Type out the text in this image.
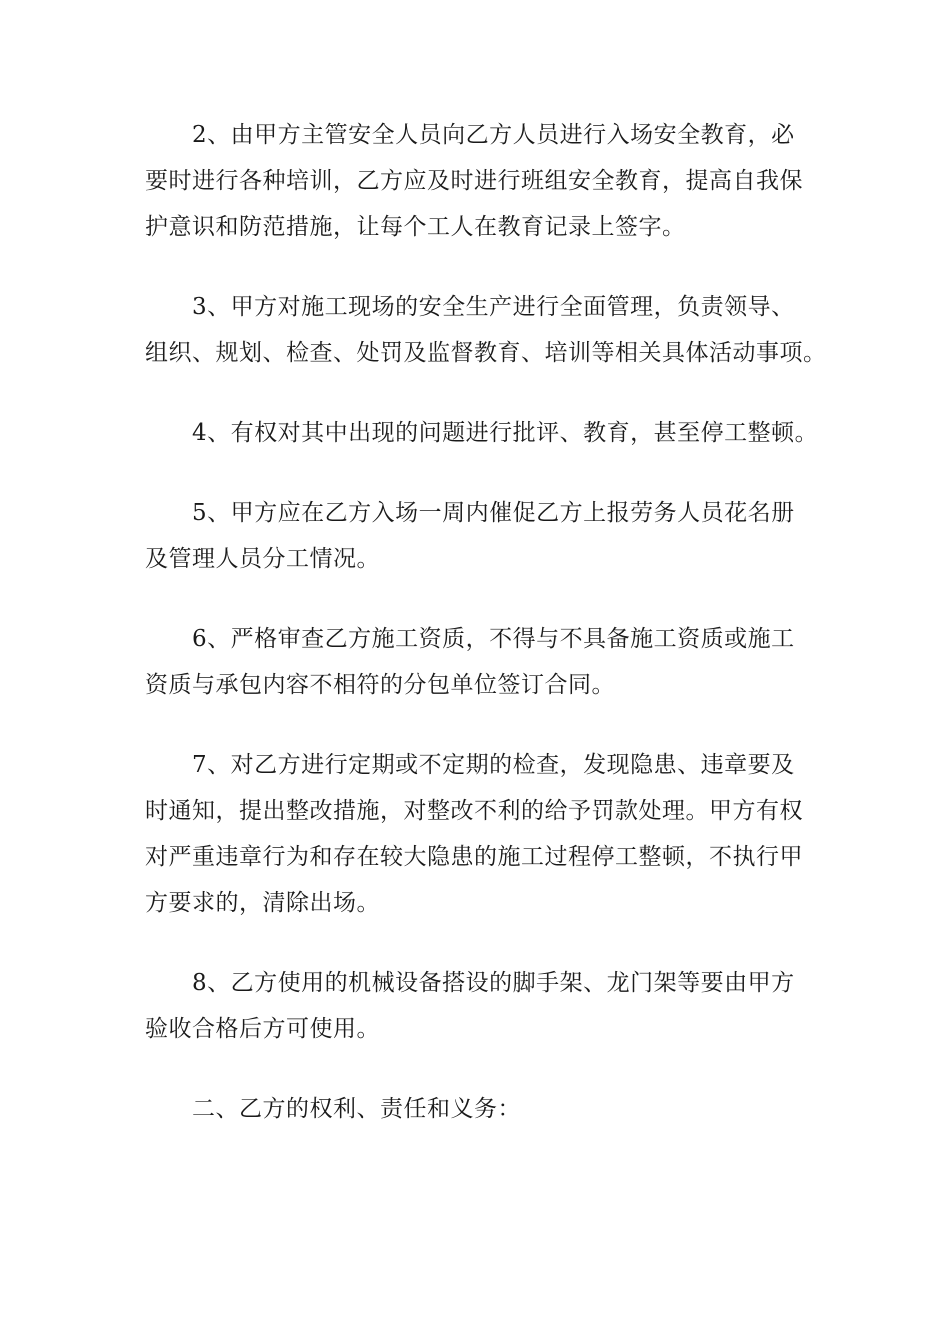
2、由甲方主管安全人员向乙方人员进行入场安全教育，必
要时进行各种培训，乙方应及时进行班组安全教育，提高自我保
护意识和防范措施，让每个工人在教育记录上签字。

3、甲方对施工现场的安全生产进行全面管理，负责领导、
组织、规划、检查、处罚及监督教育、培训等相关具体活动事项。

4、有权对其中出现的问题进行批评、教育，甚至停工整顿。

5、甲方应在乙方入场一周内催促乙方上报劳务人员花名册
及管理人员分工情况。

6、严格审查乙方施工资质，不得与不具备施工资质或施工
资质与承包内容不相符的分包单位签订合同。

7、对乙方进行定期或不定期的检查，发现隐患、违章要及
时通知，提出整改措施，对整改不利的给予罚款处理。甲方有权
对严重违章行为和存在较大隐患的施工过程停工整顿，不执行甲
方要求的，清除出场。

8、乙方使用的机械设备搭设的脚手架、龙门架等要由甲方
验收合格后方可使用。

二、乙方的权利、责任和义务：
